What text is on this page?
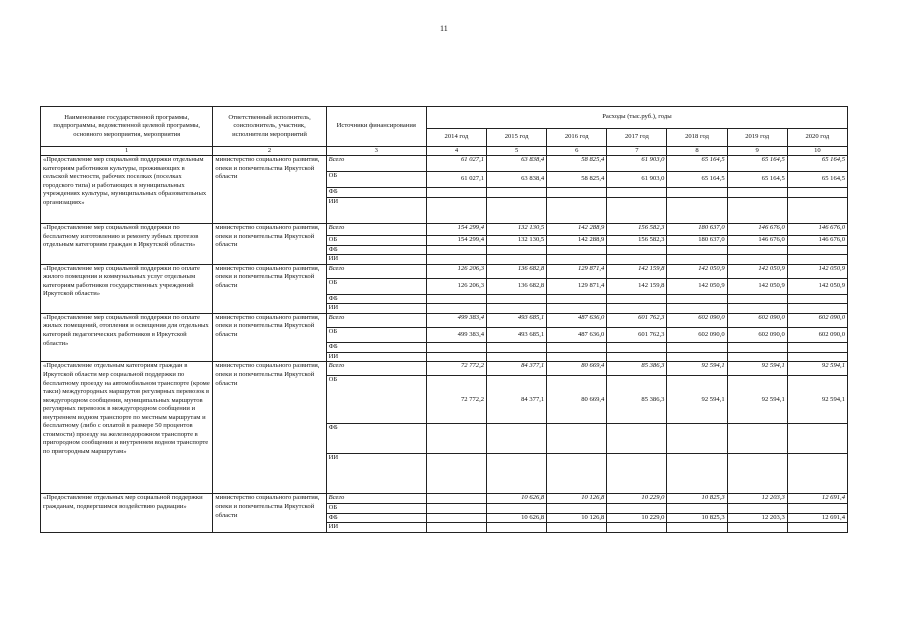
11
Наименование государственной программы, подпрограммы, ведомственной целевой программы, основного мероприятия, мероприятия	Ответственный исполнитель, соисполнитель, участник, исполнители мероприятий	Источники финансирования	Расходы (тыс.руб.), годы						
			2014 год	2015 год	2016 год	2017 год	2018 год	2019 год	2020 год
1	2	3	4	5	6	7	8	9	10
«Предоставление мер социальной поддержки отдельным категориям работников культуры, проживающих в сельской местности, рабочих поселках (поселках городского типа) и работающих в муниципальных учреждениях культуры, муниципальных образовательных организациях»	министерство социального развития, опеки и попечительства Иркутской области	Всего	61 027,1	63 838,4	58 825,4	61 903,0	65 164,5	65 164,5	65 164,5
		ОБ	61 027,1	63 838,4	58 825,4	61 903,0	65 164,5	65 164,5	65 164,5
		ФБ							
		ИИ							
«Предоставление мер социальной поддержки по бесплатному изготовлению и ремонту зубных протезов отдельным категориям граждан в Иркутской области»	министерство социального развития, опеки и попечительства Иркутской области	Всего	154 299,4	132 130,5	142 288,9	156 582,3	180 637,0	146 676,0	146 676,0
		ОБ	154 299,4	132 130,5	142 288,9	156 582,3	180 637,0	146 676,0	146 676,0
		ФБ							
		ИИ							
«Предоставление мер социальной поддержки по оплате жилого помещения и коммунальных услуг отдельным категориям работников государственных учреждений Иркутской области»	министерство социального развития, опеки и попечительства Иркутской области	Всего	126 206,3	136 682,8	129 871,4	142 159,8	142 050,9	142 050,9	142 050,9
		ОБ	126 206,3	136 682,8	129 871,4	142 159,8	142 050,9	142 050,9	142 050,9
		ФБ							
		ИИ							
«Предоставление мер социальной поддержки по оплате жилых помещений, отопления и освещения для отдельных категорий педагогических работников в Иркутской области»	министерство социального развития, опеки и попечительства Иркутской области	Всего	499 383,4	493 685,1	487 636,0	601 762,3	602 090,0	602 090,0	602 090,0
		ОБ	499 383,4	493 685,1	487 636,0	601 762,3	602 090,0	602 090,0	602 090,0
		ФБ							
		ИИ							
«Предоставление отдельным категориям граждан в Иркутской области мер социальной поддержки по бесплатному проезду на автомобильном транспорте (кроме такси) междугородных маршрутов регулярных перевозок в междугородном сообщении, муниципальных маршрутов регулярных перевозок в междугородном сообщении и внутреннем водном транспорте по местным маршрутам и бесплатному (либо с оплатой в размере 50 процентов стоимости) проезду на железнодорожном транспорте в пригородном сообщении и внутреннем водном транспорте по пригородным маршрутам»	министерство социального развития, опеки и попечительства Иркутской области	Всего	72 772,2	84 377,1	80 669,4	85 386,3	92 594,1	92 594,1	92 594,1
		ОБ	72 772,2	84 377,1	80 669,4	85 386,3	92 594,1	92 594,1	92 594,1
		ФБ							
		ИИ							
«Предоставление отдельных мер социальной поддержки гражданам, подвергшимся воздействию радиации»	министерство социального развития, опеки и попечительства Иркутской области	Всего		10 626,8	10 126,8	10 229,0	10 825,3	12 203,3	12 691,4
		ОБ							
		ФБ		10 626,8	10 126,8	10 229,0	10 825,3	12 203,3	12 691,4
		ИИ							
